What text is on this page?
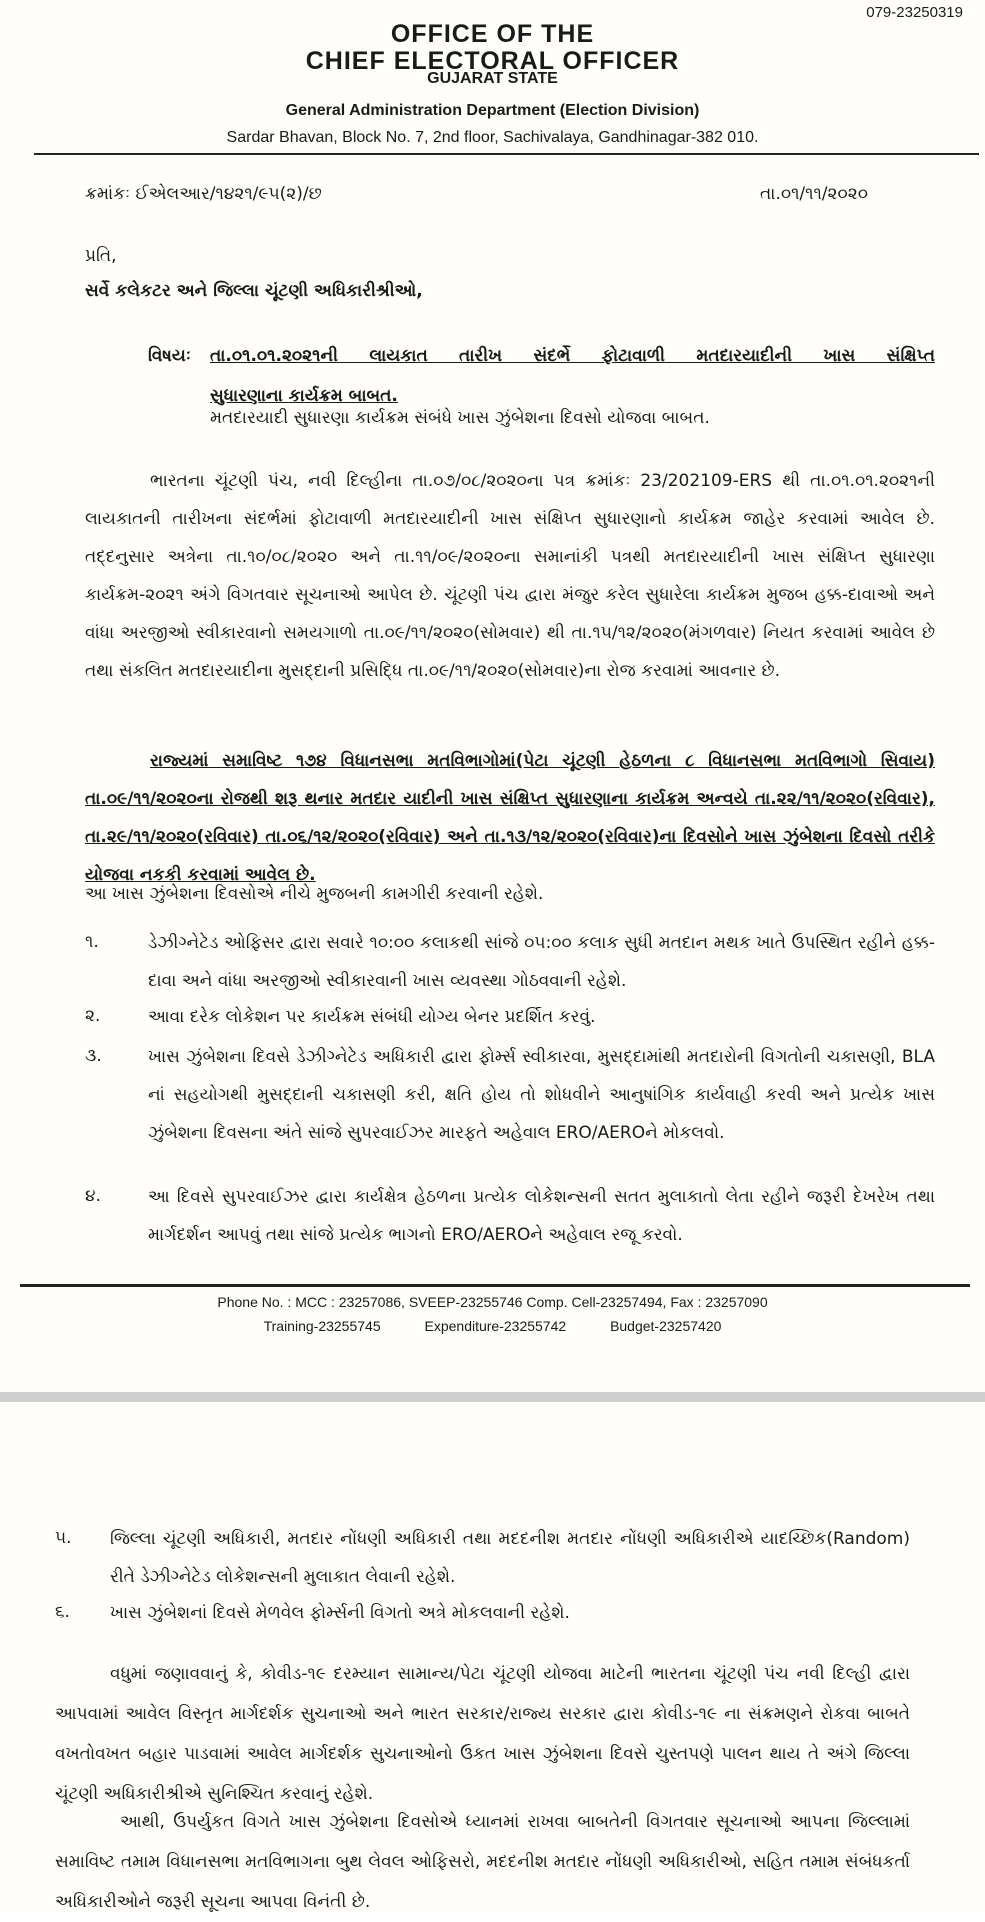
079-23250319
OFFICE OF THE
CHIEF ELECTORAL OFFICER
GUJARAT STATE
General Administration Department (Election Division)
Sardar Bhavan, Block No. 7, 2nd floor, Sachivalaya, Gandhinagar-382 010.
ક્રમાંકઃ ઈએલઆર/૧૪૨૧/૯૫(૨)/છ	તા.૦૧/૧૧/૨૦૨૦
પ્રતિ,
સર્વે કલેકટર અને જિલ્લા ચૂંટણી અધિકારીશ્રીઓ,
વિષયઃ તા.૦૧.૦૧.૨૦૨૧ની લાયકાત તારીખ સંદર્ભે ફોટાવાળી મતદારયાદીની ખાસ સંક્ષિપ્ત

સુધારણાના કાર્યક્રમ બાબત.

મતદારયાદી સુધારણા કાર્યક્રમ સંબંધે ખાસ ઝુંબેશના દિવસો યોજવા બાબત.
ભારતના ચૂંટણી પંચ, નવી દિલ્હીના તા.૦૭/૦૮/૨૦૨૦ના પત્ર ક્રમાંકઃ 23/202109-ERS થી તા.૦૧.૦૧.૨૦૨૧ની લાયકાતની તારીખના સંદર્ભમાં ફોટાવાળી મતદારયાદીની ખાસ સંક્ષિપ્ત સુધારણાનો કાર્યક્રમ જાહેર કરવામાં આવેલ છે. તદ્દનુસાર અત્રેના તા.૧૦/૦૮/૨૦૨૦ અને તા.૧૧/૦૯/૨૦૨૦ના સમાનાંકી પત્રથી મતદારયાદીની ખાસ સંક્ષિપ્ત સુધારણા કાર્યક્રમ-૨૦૨૧ અંગે વિગતવાર સૂચનાઓ આપેલ છે. ચૂંટણી પંચ દ્વારા મંજુર કરેલ સુધારેલા કાર્યક્રમ મુજબ હક્ક-દાવાઓ અને વાંધા અરજીઓ સ્વીકારવાનો સમયગાળો તા.૦૯/૧૧/૨૦૨૦(સોમવાર) થી તા.૧૫/૧૨/૨૦૨૦(મંગળવાર) નિયત કરવામાં આવેલ છે તથા સંકલિત મતદારયાદીના મુસદ્દાની પ્રસિદ્ધિ તા.૦૯/૧૧/૨૦૨૦(સોમવાર)ના રોજ કરવામાં આવનાર છે.
રાજ્યમાં સમાવિષ્ટ ૧૭૪ વિધાનસભા મતવિભાગોમાં(પેટા ચૂંટણી હેઠળના ૮ વિધાનસભા મતવિભાગો સિવાય) તા.૦૯/૧૧/૨૦૨૦ના રોજથી શરૂ થનાર મતદાર યાદીની ખાસ સંક્ષિપ્ત સુધારણાના કાર્યક્રમ અન્વયે તા.૨૨/૧૧/૨૦૨૦(રવિવાર), તા.૨૯/૧૧/૨૦૨૦(રવિવાર) તા.૦૬/૧૨/૨૦૨૦(રવિવાર) અને તા.૧૩/૧૨/૨૦૨૦(રવિવાર)ના દિવસોને ખાસ ઝુંબેશના દિવસો તરીકે યોજવા નકકી કરવામાં આવેલ છે.
આ ખાસ ઝુંબેશના દિવસોએ નીચે મુજબની કામગીરી કરવાની રહેશે.
૧.	ડેઝીગ્નેટેડ ઓફિસર દ્વારા સવારે ૧૦:૦૦ કલાકથી સાંજે ૦૫:૦૦ કલાક સુધી મતદાન મથક ખાતે ઉપસ્થિત રહીને હક્ક-દાવા અને વાંધા અરજીઓ સ્વીકારવાની ખાસ વ્યવસ્થા ગોઠવવાની રહેશે.
૨.	આવા દરેક લોકેશન પર કાર્યક્રમ સંબંધી યોગ્ય બેનર પ્રદર્શિત કરવું.
૩.	ખાસ ઝુંબેશના દિવસે ડેઝીગ્નેટેડ અધિકારી દ્વારા ફોર્મ્સ સ્વીકારવા, મુસદ્દામાંથી મતદારોની વિગતોની ચકાસણી, BLA નાં સહયોગથી મુસદ્દાની ચકાસણી કરી, ક્ષતિ હોય તો શોધવીને આનુષાંગિક કાર્યવાહી કરવી અને પ્રત્યેક ખાસ ઝુંબેશના દિવસના અંતે સાંજે સુપરવાઈઝર મારફતે અહેવાલ ERO/AEROને મોકલવો.
૪.	આ દિવસે સુપરવાઈઝર દ્વારા કાર્યક્ષેત્ર હેઠળના પ્રત્યેક લોકેશન્સની સતત મુલાકાતો લેતા રહીને જરૂરી દેખરેખ તથા માર્ગદર્શન આપવું તથા સાંજે પ્રત્યેક ભાગનો ERO/AEROને અહેવાલ રજૂ કરવો.
Phone No. : MCC : 23257086, SVEEP-23255746 Comp. Cell-23257494, Fax : 23257090
Training-23255745	Expenditure-23255742	Budget-23257420
૫. જિલ્લા ચૂંટણી અધિકારી, મતદાર નોંધણી અધિકારી તથા મદદનીશ મતદાર નોંધણી અધિકારીએ યાદચ્છિક(Random) રીતે ડેઝીગ્નેટેડ લોકેશન્સની મુલાકાત લેવાની રહેશે.
૬. ખાસ ઝુંબેશનાં દિવસે મેળવેલ ફોર્મ્સની વિગતો અત્રે મોકલવાની રહેશે.
વધુમાં જણાવવાનું કે, કોવીડ-૧૯ દરમ્યાન સામાન્ય/પેટા ચૂંટણી યોજવા માટેની ભારતના ચૂંટણી પંચ નવી દિલ્હી દ્વારા આપવામાં આવેલ વિસ્તૃત માર્ગદર્શક સુચનાઓ અને ભારત સરકાર/રાજ્ય સરકાર દ્વારા કોવીડ-૧૯ ના સંક્રમણને રોકવા બાબતે વખતોવખત બહાર પાડવામાં આવેલ માર્ગદર્શક સુચનાઓનો ઉકત ખાસ ઝુંબેશના દિવસે ચુસ્તપણે પાલન થાય તે અંગે જિલ્લા ચૂંટણી અધિકારીશ્રીએ સુનિશ્ચિત કરવાનું રહેશે.
આથી, ઉપર્યુકત વિગતે ખાસ ઝુંબેશના દિવસોએ ધ્યાનમાં રાખવા બાબતેની વિગતવાર સૂચનાઓ આપના જિલ્લામાં સમાવિષ્ટ તમામ વિધાનસભા મતવિભાગના બુથ લેવલ ઓફિસરો, મદદનીશ મતદાર નોંધણી અધિકારીઓ, સહિત તમામ સંબંધકર્તા અધિકારીઓને જરૂરી સૂચના આપવા વિનંતી છે.
